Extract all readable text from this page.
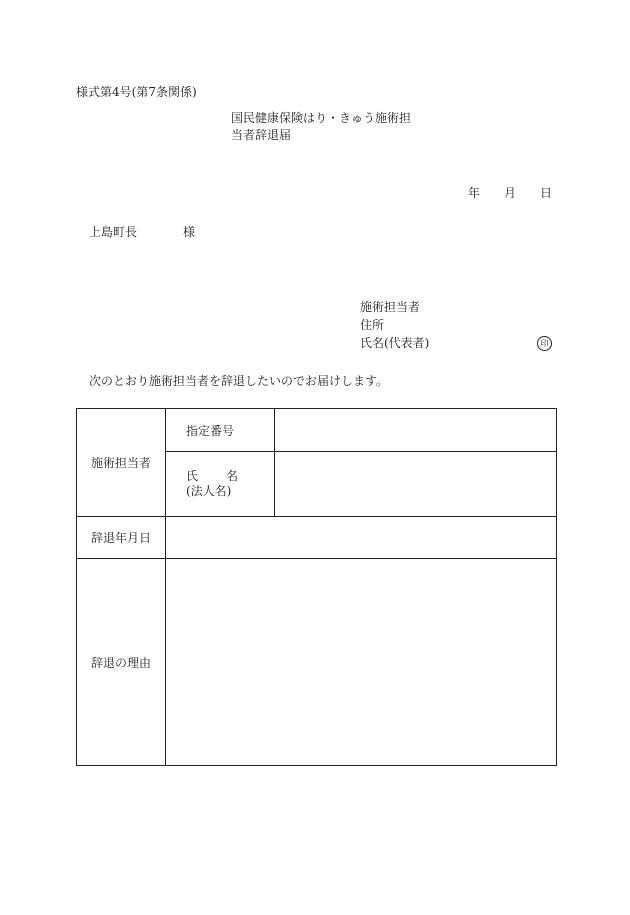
様式第4号(第7条関係)
国民健康保険はり・きゅう施術担
当者辞退届
年 月 日
上島町長	様
施術担当者
住所
氏名(代表者)	印
次のとおり施術担当者を辞退したいのでお届けします。
施術担当者	指定番号	

	氏 名
(法人名)	

辞退年月日		
辞退の理由		
